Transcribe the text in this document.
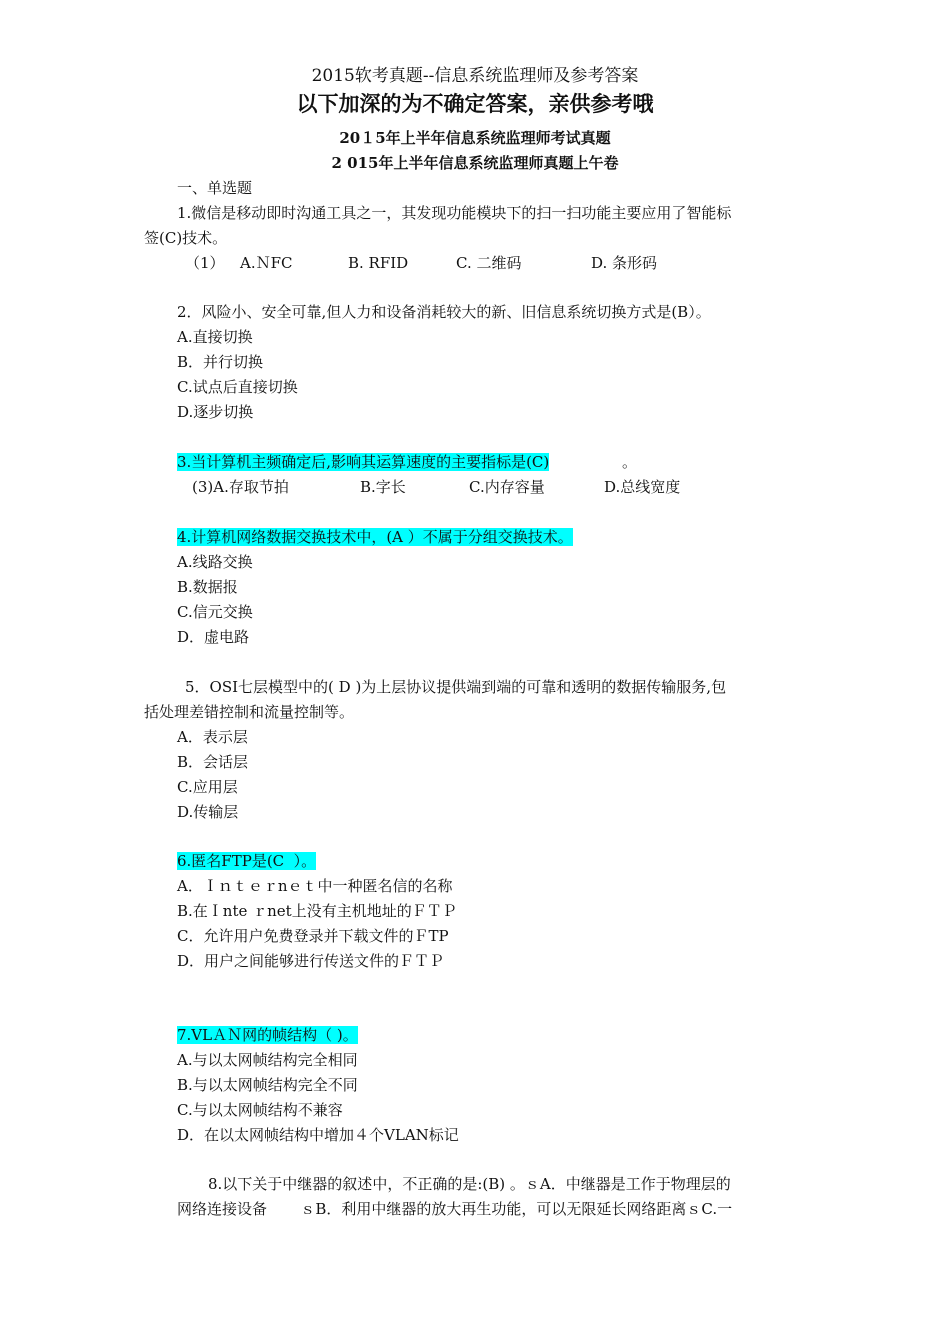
2015软考真题--信息系统监理师及参考答案
以下加深的为不确定答案，亲供参考哦
20１5年上半年信息系统监理师考试真题
2 015年上半年信息系统监理师真题上午卷
一、单选题
1.微信是移动即时沟通工具之一，其发现功能模块下的扫一扫功能主要应用了智能标
签(C)技术。
（1） A.ＮFC	B. RFID	C. 二维码	D. 条形码
2．风险小、安全可靠,但人力和设备消耗较大的新、旧信息系统切换方式是(B）。
A.直接切换
B．并行切换
C.试点后直接切换
D.逐步切换
3.当计算机主频确定后,影响其运算速度的主要指标是(C)	。
(3)A.存取节拍	B.字长	C.内存容量	D.总线宽度
4.计算机网络数据交换技术中，(A ）不属于分组交换技术。
A.线路交换
B.数据报
C.信元交换
D．虚电路
5．OSI七层模型中的( D )为上层协议提供端到端的可靠和透明的数据传输服务,包
括处理差错控制和流量控制等。
A．表示层
B．会话层
C.应用层
D.传输层
6.匿名FTP是(C  ）。
A．Ｉｎｔｅｒnｅｔ中一种匿名信的名称
B.在Ｉnte ｒnet上没有主机地址的ＦＴＰ
C．允许用户免费登录并下载文件的ＦTP
D．用户之间能够进行传送文件的ＦＴＰ
7.VLＡＮ网的帧结构（ )。
A.与以太网帧结构完全相同
B.与以太网帧结构完全不同
C.与以太网帧结构不兼容
D．在以太网帧结构中增加４个VLAN标记
8.以下关于中继器的叙述中，不正确的是:(B) 。ｓA．中继器是工作于物理层的
网络连接设备       ｓB．利用中继器的放大再生功能，可以无限延长网络距离ｓC.一
